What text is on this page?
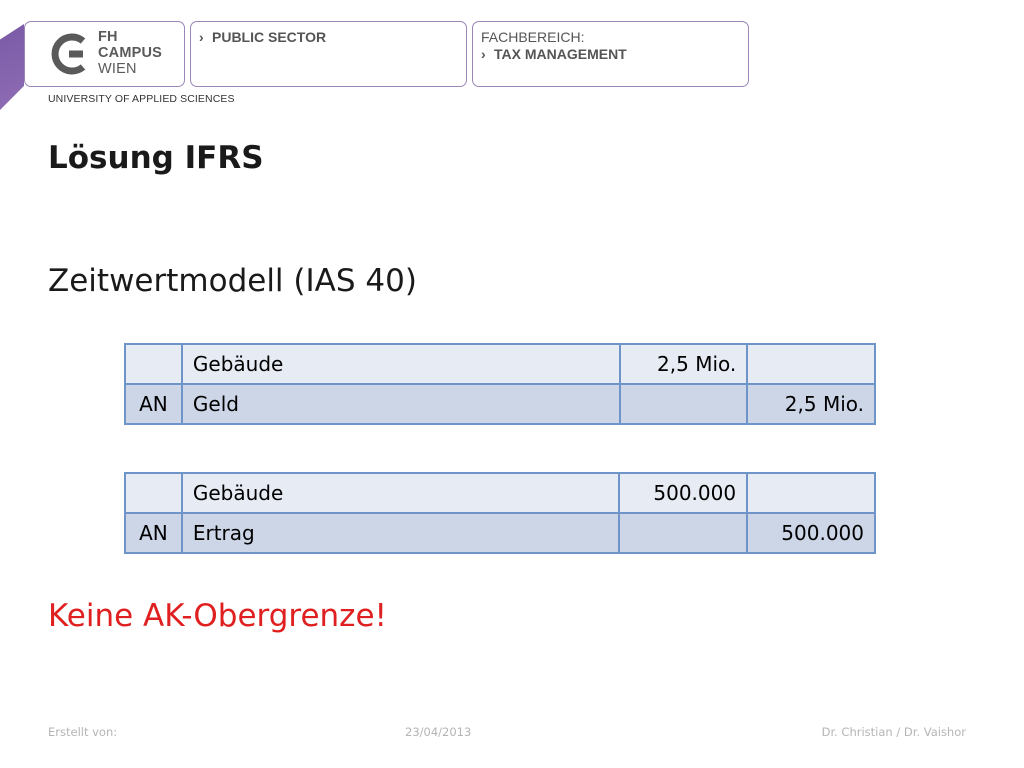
FH
CAMPUS
WIEN
› PUBLIC SECTOR	FACHBEREICH:
› TAX MANAGEMENT
UNIVERSITY OF APPLIED SCIENCES
Lösung IFRS
Zeitwertmodell (IAS 40)
	Gebäude	2,5 Mio.	
AN	Geld		2,5 Mio.
	Gebäude	500.000	
AN	Ertrag		500.000
Keine AK-Obergrenze!
Erstellt von:	23/04/2013	Dr. Christian / Dr. Vaishor
